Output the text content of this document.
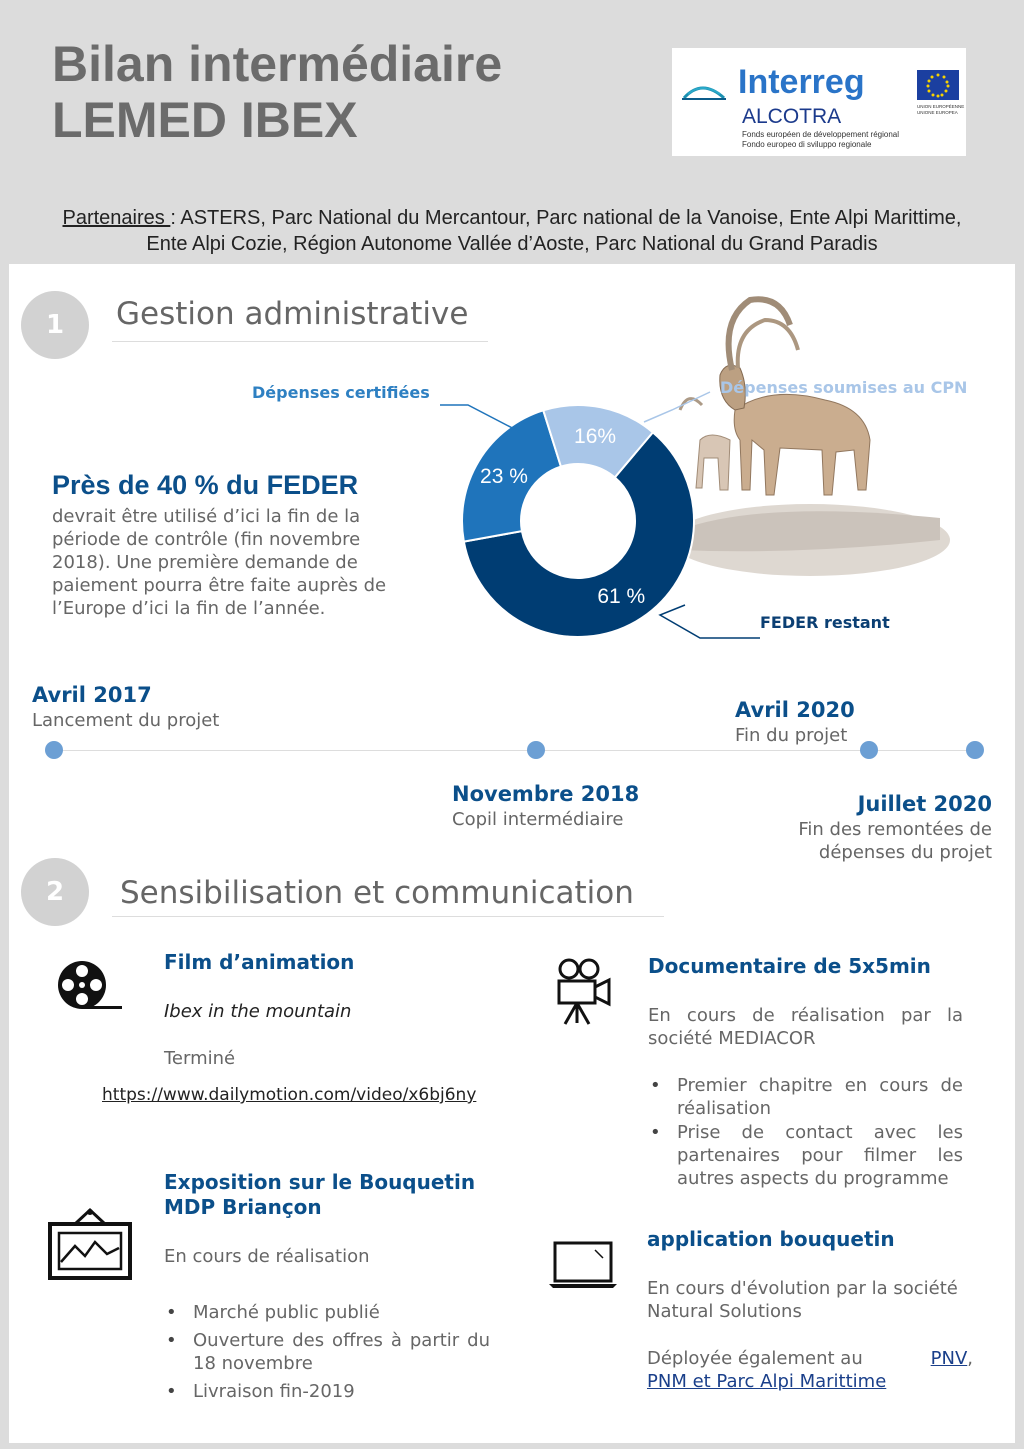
Bilan intermédiaire
LEMED IBEX
Interreg
ALCOTRA
Fonds européen de développement régional
Fondo europeo di sviluppo regionale
UNION EUROPÉENNE
UNIONE EUROPEA
Partenaires : ASTERS, Parc National du Mercantour, Parc national de la Vanoise, Ente Alpi Marittime, Ente Alpi Cozie, Région Autonome Vallée d’Aoste, Parc National du Grand Paradis
1	Gestion administrative
61 %
23 %
16%
Dépenses certifiées	Dépenses soumises au CPN
FEDER restant
Près de 40 % du FEDER
devrait être utilisé d’ici la fin de la période de contrôle (fin novembre 2018). Une première demande de paiement pourra être faite auprès de l’Europe d’ici la fin de l’année.
Avril 2017
Lancement du projet
Novembre 2018
Copil intermédiaire
Avril 2020
Fin du projet
Juillet 2020
Fin des remontées de
dépenses du projet
2	Sensibilisation et communication
Film d’animation
Ibex in the mountain
Terminé
https://www.dailymotion.com/video/x6bj6ny
Exposition sur le Bouquetin
MDP Briançon
En cours de réalisation
• Marché public publié
• Ouverture des offres à partir du 18 novembre
• Livraison fin-2019
Documentaire de 5x5min
En cours de réalisation par la société MEDIACOR
• Premier chapitre en cours de réalisation
• Prise de contact avec les partenaires pour filmer les autres aspects du programme
application bouquetin
En cours d'évolution par la société Natural Solutions
Déployée également au	PNV,
PNM et Parc Alpi Marittime
